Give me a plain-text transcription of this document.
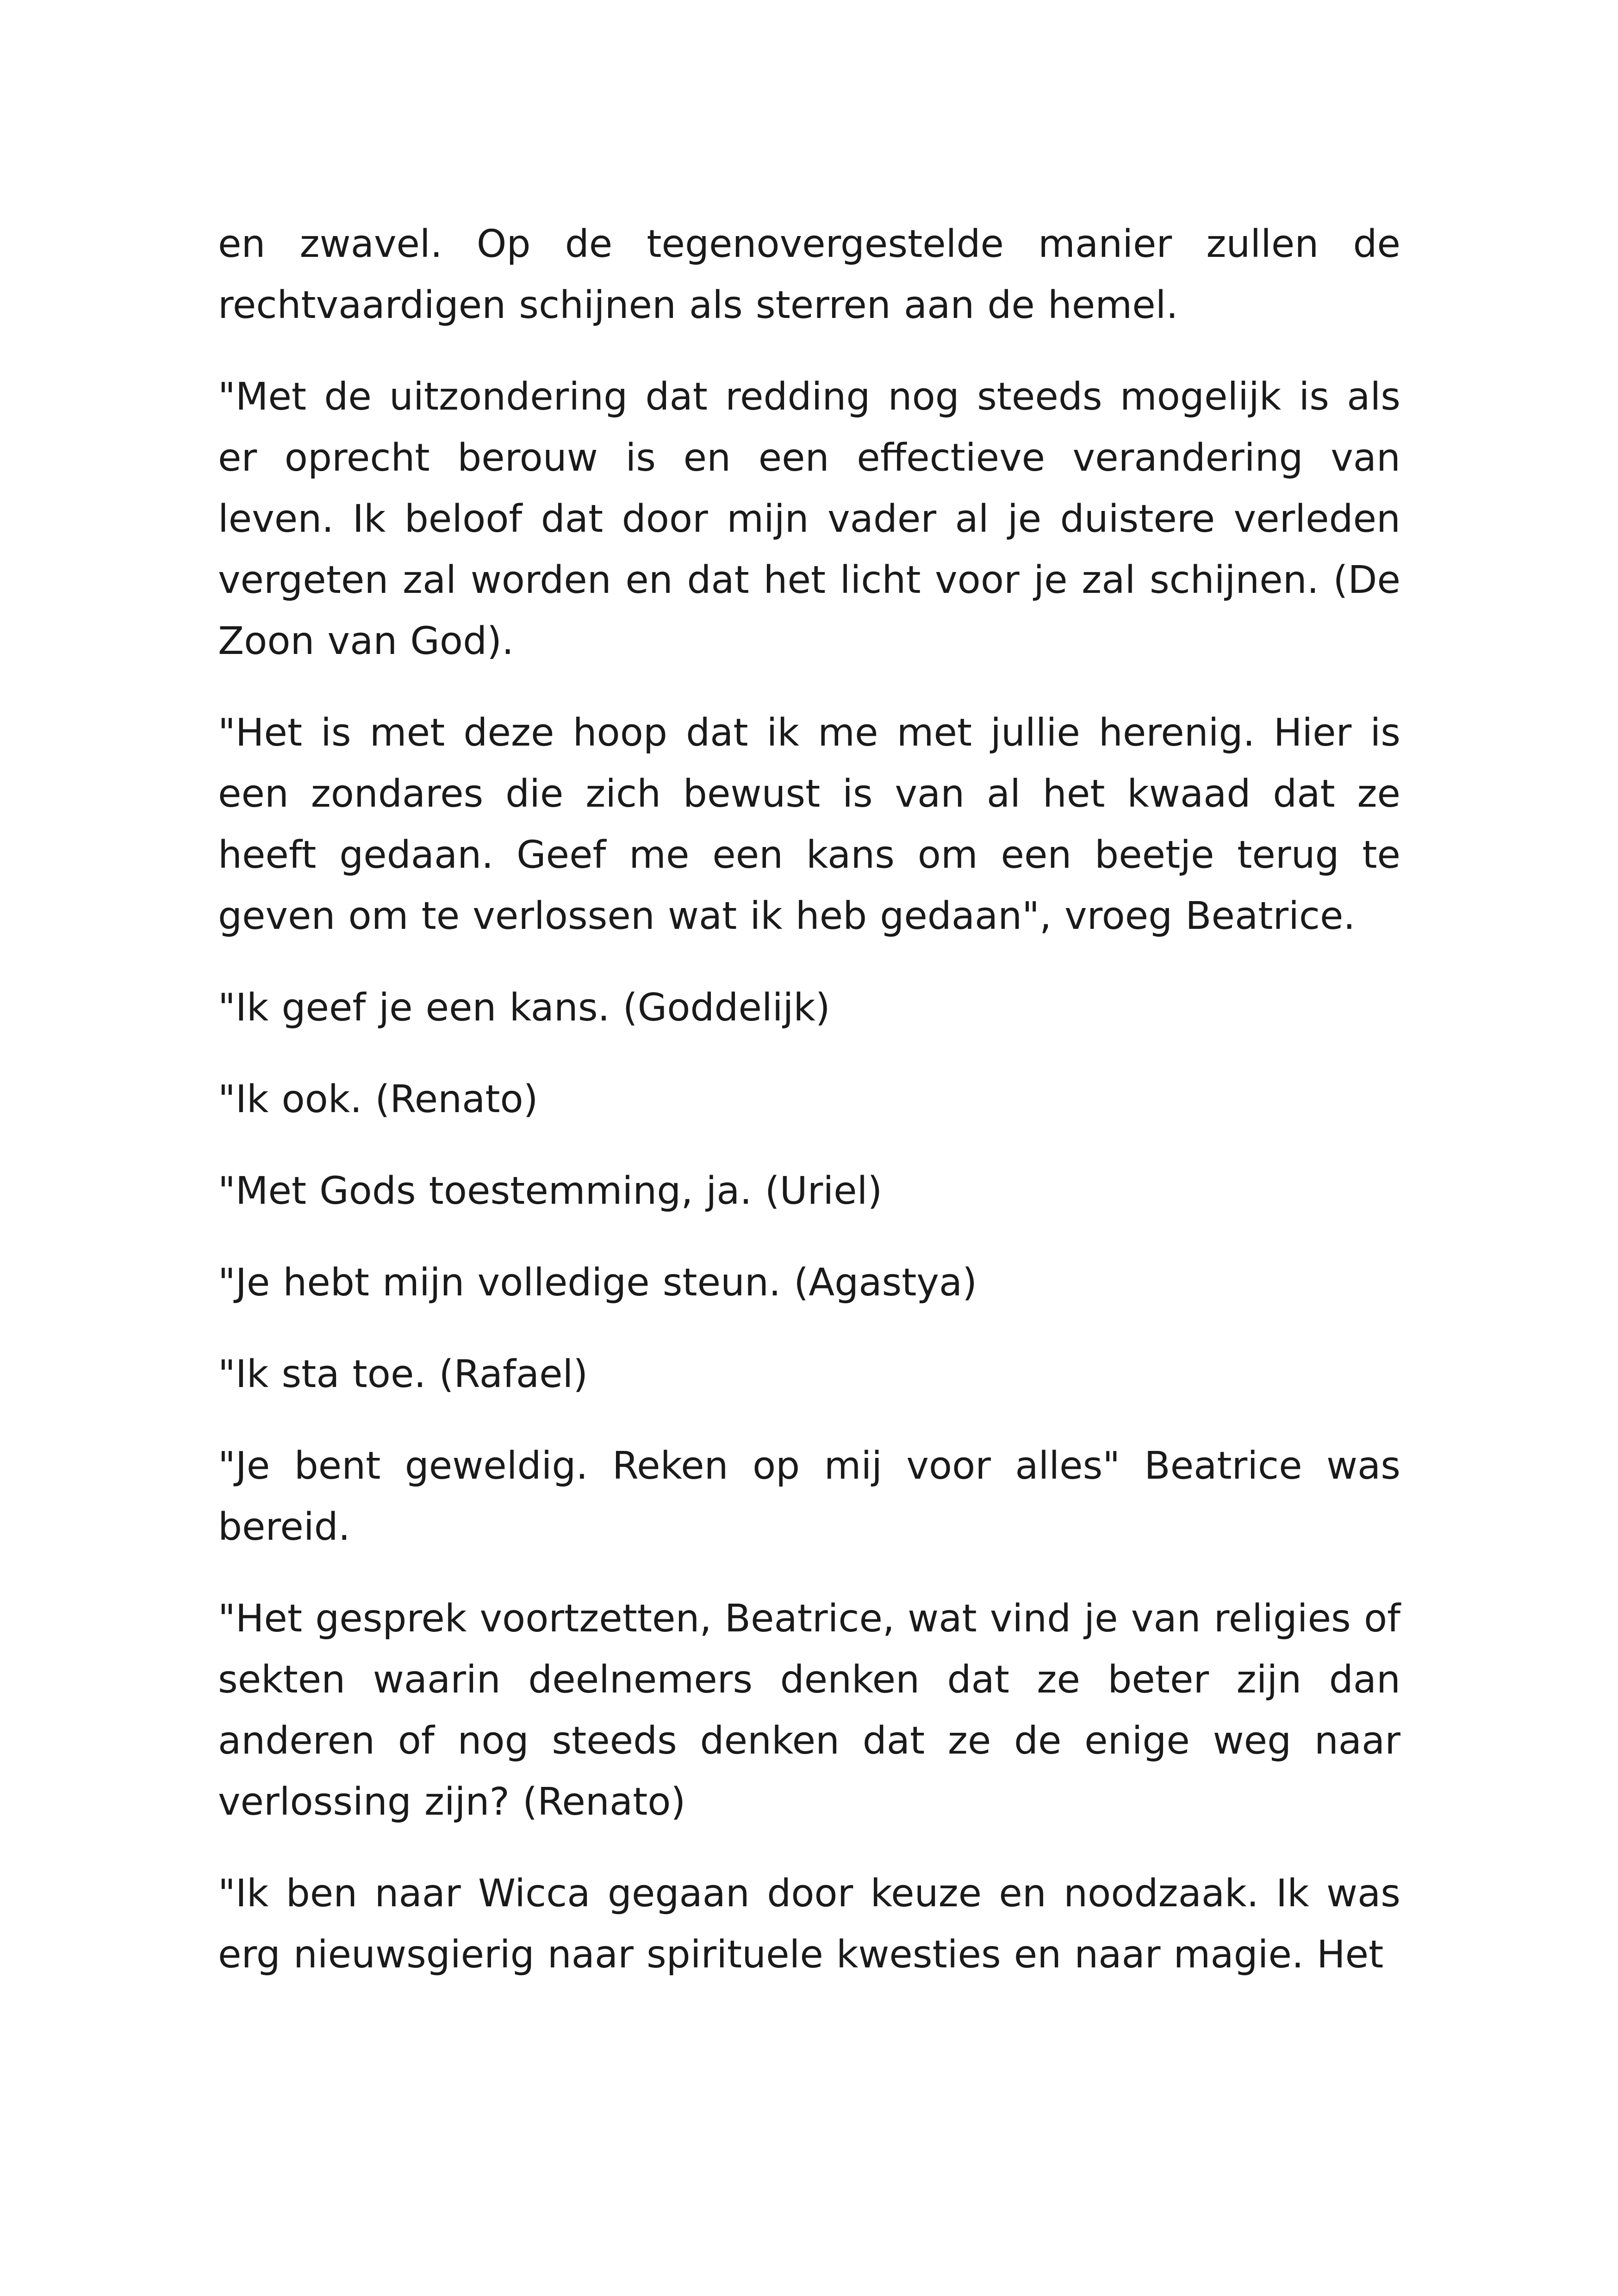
en zwavel. Op de tegenovergestelde manier zullen de rechtvaardigen schijnen als sterren aan de hemel.

"Met de uitzondering dat redding nog steeds mogelijk is als er oprecht berouw is en een effectieve verandering van leven. Ik beloof dat door mijn vader al je duistere verleden vergeten zal worden en dat het licht voor je zal schijnen. (De Zoon van God).

"Het is met deze hoop dat ik me met jullie herenig. Hier is een zondares die zich bewust is van al het kwaad dat ze heeft gedaan. Geef me een kans om een beetje terug te geven om te verlossen wat ik heb gedaan", vroeg Beatrice.

"Ik geef je een kans. (Goddelijk)

"Ik ook. (Renato)

"Met Gods toestemming, ja. (Uriel)

"Je hebt mijn volledige steun. (Agastya)

"Ik sta toe. (Rafael)

"Je bent geweldig. Reken op mij voor alles" Beatrice was bereid.

"Het gesprek voortzetten, Beatrice, wat vind je van religies of sekten waarin deelnemers denken dat ze beter zijn dan anderen of nog steeds denken dat ze de enige weg naar verlossing zijn? (Renato)

"Ik ben naar Wicca gegaan door keuze en noodzaak. Ik was erg nieuwsgierig naar spirituele kwesties en naar magie. Het
